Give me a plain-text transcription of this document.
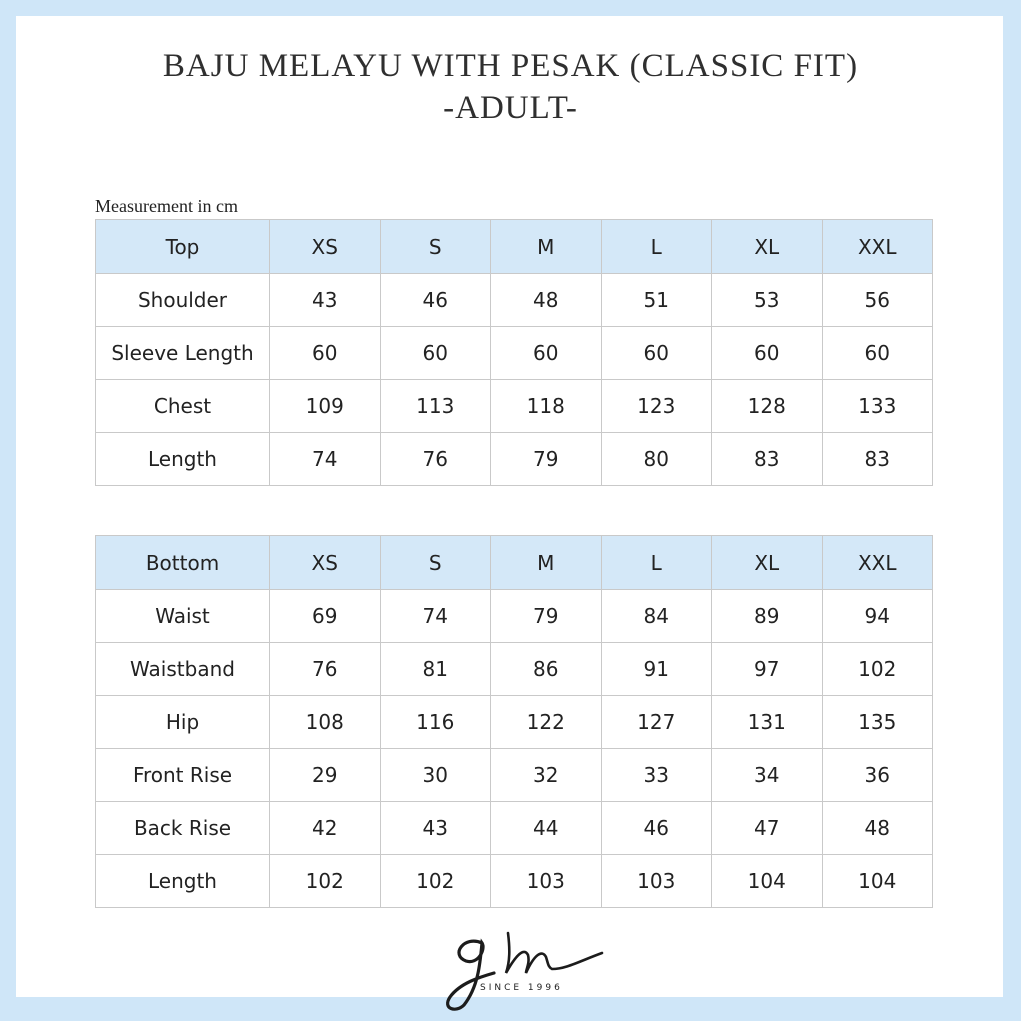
BAJU MELAYU WITH PESAK (CLASSIC FIT)
-ADULT-
Measurement in cm
Top	XS	S	M	L	XL	XXL
Shoulder	43	46	48	51	53	56
Sleeve Length	60	60	60	60	60	60
Chest	109	113	118	123	128	133
Length	74	76	79	80	83	83
Bottom	XS	S	M	L	XL	XXL
Waist	69	74	79	84	89	94
Waistband	76	81	86	91	97	102
Hip	108	116	122	127	131	135
Front Rise	29	30	32	33	34	36
Back Rise	42	43	44	46	47	48
Length	102	102	103	103	104	104
SINCE 1996
